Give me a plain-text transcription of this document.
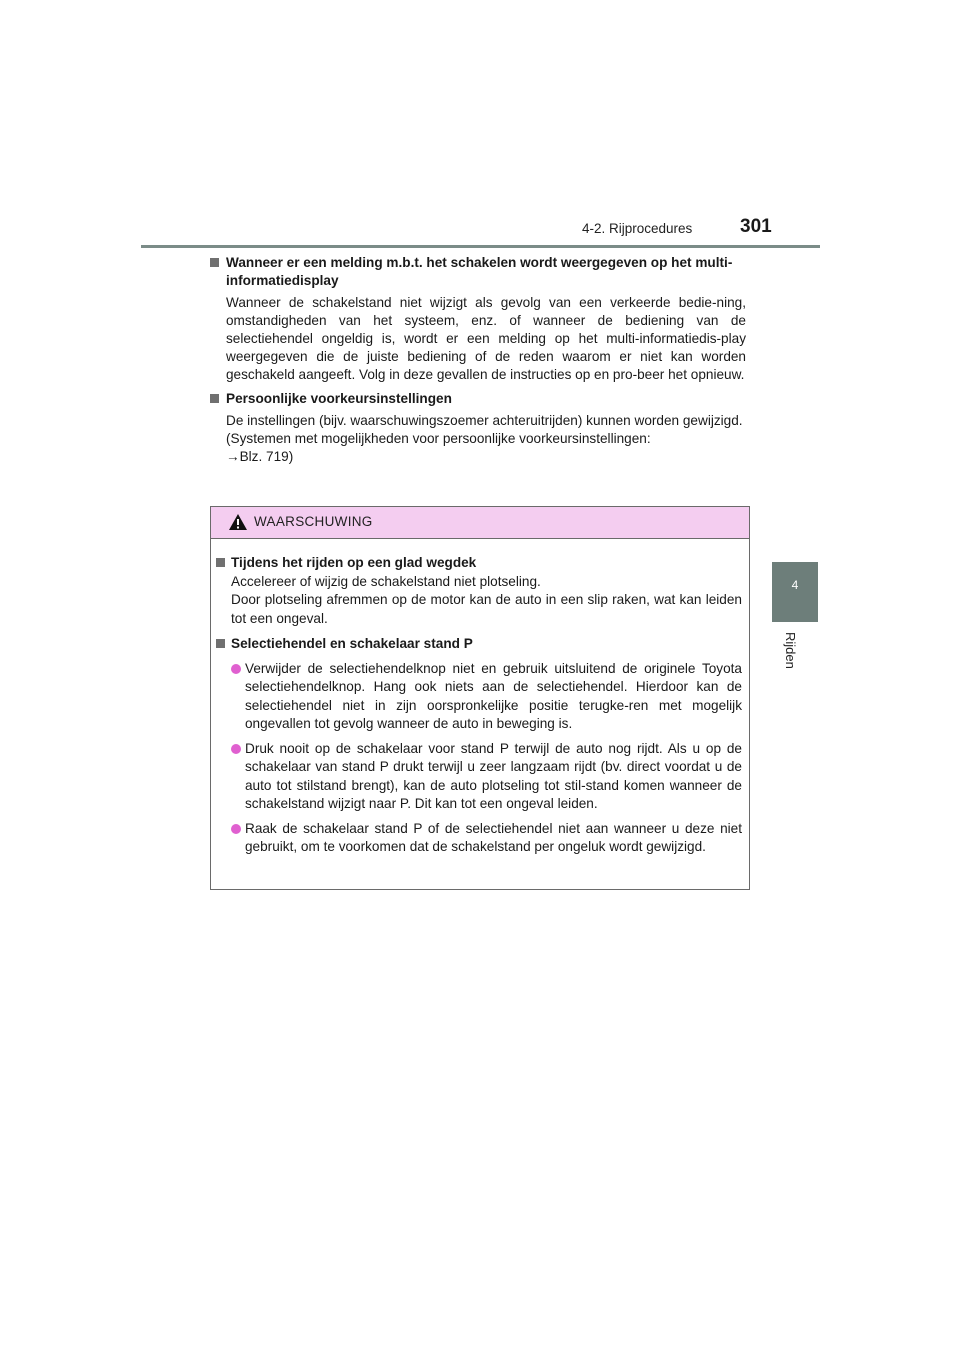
4-2. Rijprocedures	301
4
Rijden
Wanneer er een melding m.b.t. het schakelen wordt weergegeven op het multi-informatiedisplay
Wanneer de schakelstand niet wijzigt als gevolg van een verkeerde bedie-ning, omstandigheden van het systeem, enz. of wanneer de bediening van de selectiehendel ongeldig is, wordt er een melding op het multi-informatiedis-play weergegeven die de juiste bediening of de reden waarom er niet kan worden geschakeld aangeeft. Volg in deze gevallen de instructies op en pro-beer het opnieuw.
Persoonlijke voorkeursinstellingen
De instellingen (bijv. waarschuwingszoemer achteruitrijden) kunnen worden gewijzigd.
(Systemen met mogelijkheden voor persoonlijke voorkeursinstellingen:
→Blz. 719)
WAARSCHUWING
Tijdens het rijden op een glad wegdek
Accelereer of wijzig de schakelstand niet plotseling.
Door plotseling afremmen op de motor kan de auto in een slip raken, wat kan leiden tot een ongeval.
Selectiehendel en schakelaar stand P
Verwijder de selectiehendelknop niet en gebruik uitsluitend de originele Toyota selectiehendelknop. Hang ook niets aan de selectiehendel. Hierdoor kan de selectiehendel niet in zijn oorspronkelijke positie terugke-ren met mogelijk ongevallen tot gevolg wanneer de auto in beweging is.
Druk nooit op de schakelaar voor stand P terwijl de auto nog rijdt. Als u op de schakelaar van stand P drukt terwijl u zeer langzaam rijdt (bv. direct voordat u de auto tot stilstand brengt), kan de auto plotseling tot stil-stand komen wanneer de schakelstand wijzigt naar P. Dit kan tot een ongeval leiden.
Raak de schakelaar stand P of de selectiehendel niet aan wanneer u deze niet gebruikt, om te voorkomen dat de schakelstand per ongeluk wordt gewijzigd.
